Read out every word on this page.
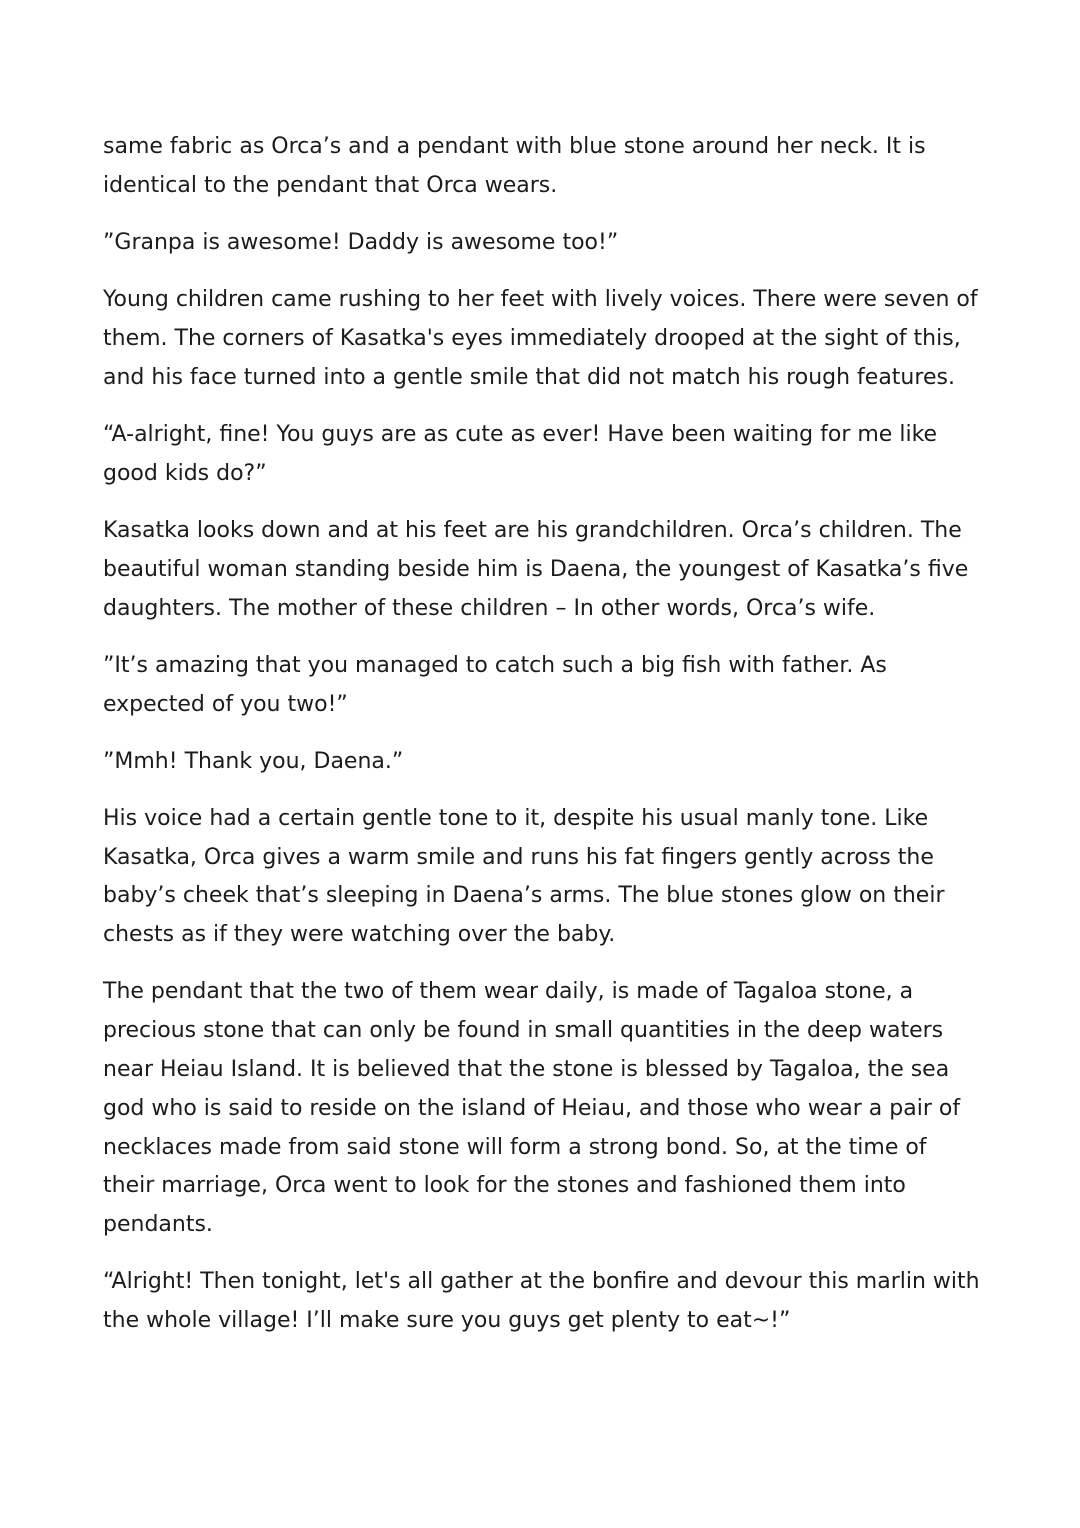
same fabric as Orca’s and a pendant with blue stone around her neck. It is identical to the pendant that Orca wears.

”Granpa is awesome! Daddy is awesome too!”

Young children came rushing to her feet with lively voices. There were seven of them. The corners of Kasatka's eyes immediately drooped at the sight of this, and his face turned into a gentle smile that did not match his rough features.

“A-alright, fine! You guys are as cute as ever! Have been waiting for me like good kids do?”

Kasatka looks down and at his feet are his grandchildren. Orca’s children. The beautiful woman standing beside him is Daena, the youngest of Kasatka’s five daughters. The mother of these children – In other words, Orca’s wife.

”It’s amazing that you managed to catch such a big fish with father. As expected of you two!”

”Mmh! Thank you, Daena.”

His voice had a certain gentle tone to it, despite his usual manly tone. Like Kasatka, Orca gives a warm smile and runs his fat fingers gently across the baby’s cheek that’s sleeping in Daena’s arms. The blue stones glow on their chests as if they were watching over the baby.

The pendant that the two of them wear daily, is made of Tagaloa stone, a precious stone that can only be found in small quantities in the deep waters near Heiau Island. It is believed that the stone is blessed by Tagaloa, the sea god who is said to reside on the island of Heiau, and those who wear a pair of necklaces made from said stone will form a strong bond. So, at the time of their marriage, Orca went to look for the stones and fashioned them into pendants.

“Alright! Then tonight, let's all gather at the bonfire and devour this marlin with the whole village! I’ll make sure you guys get plenty to eat~!”
